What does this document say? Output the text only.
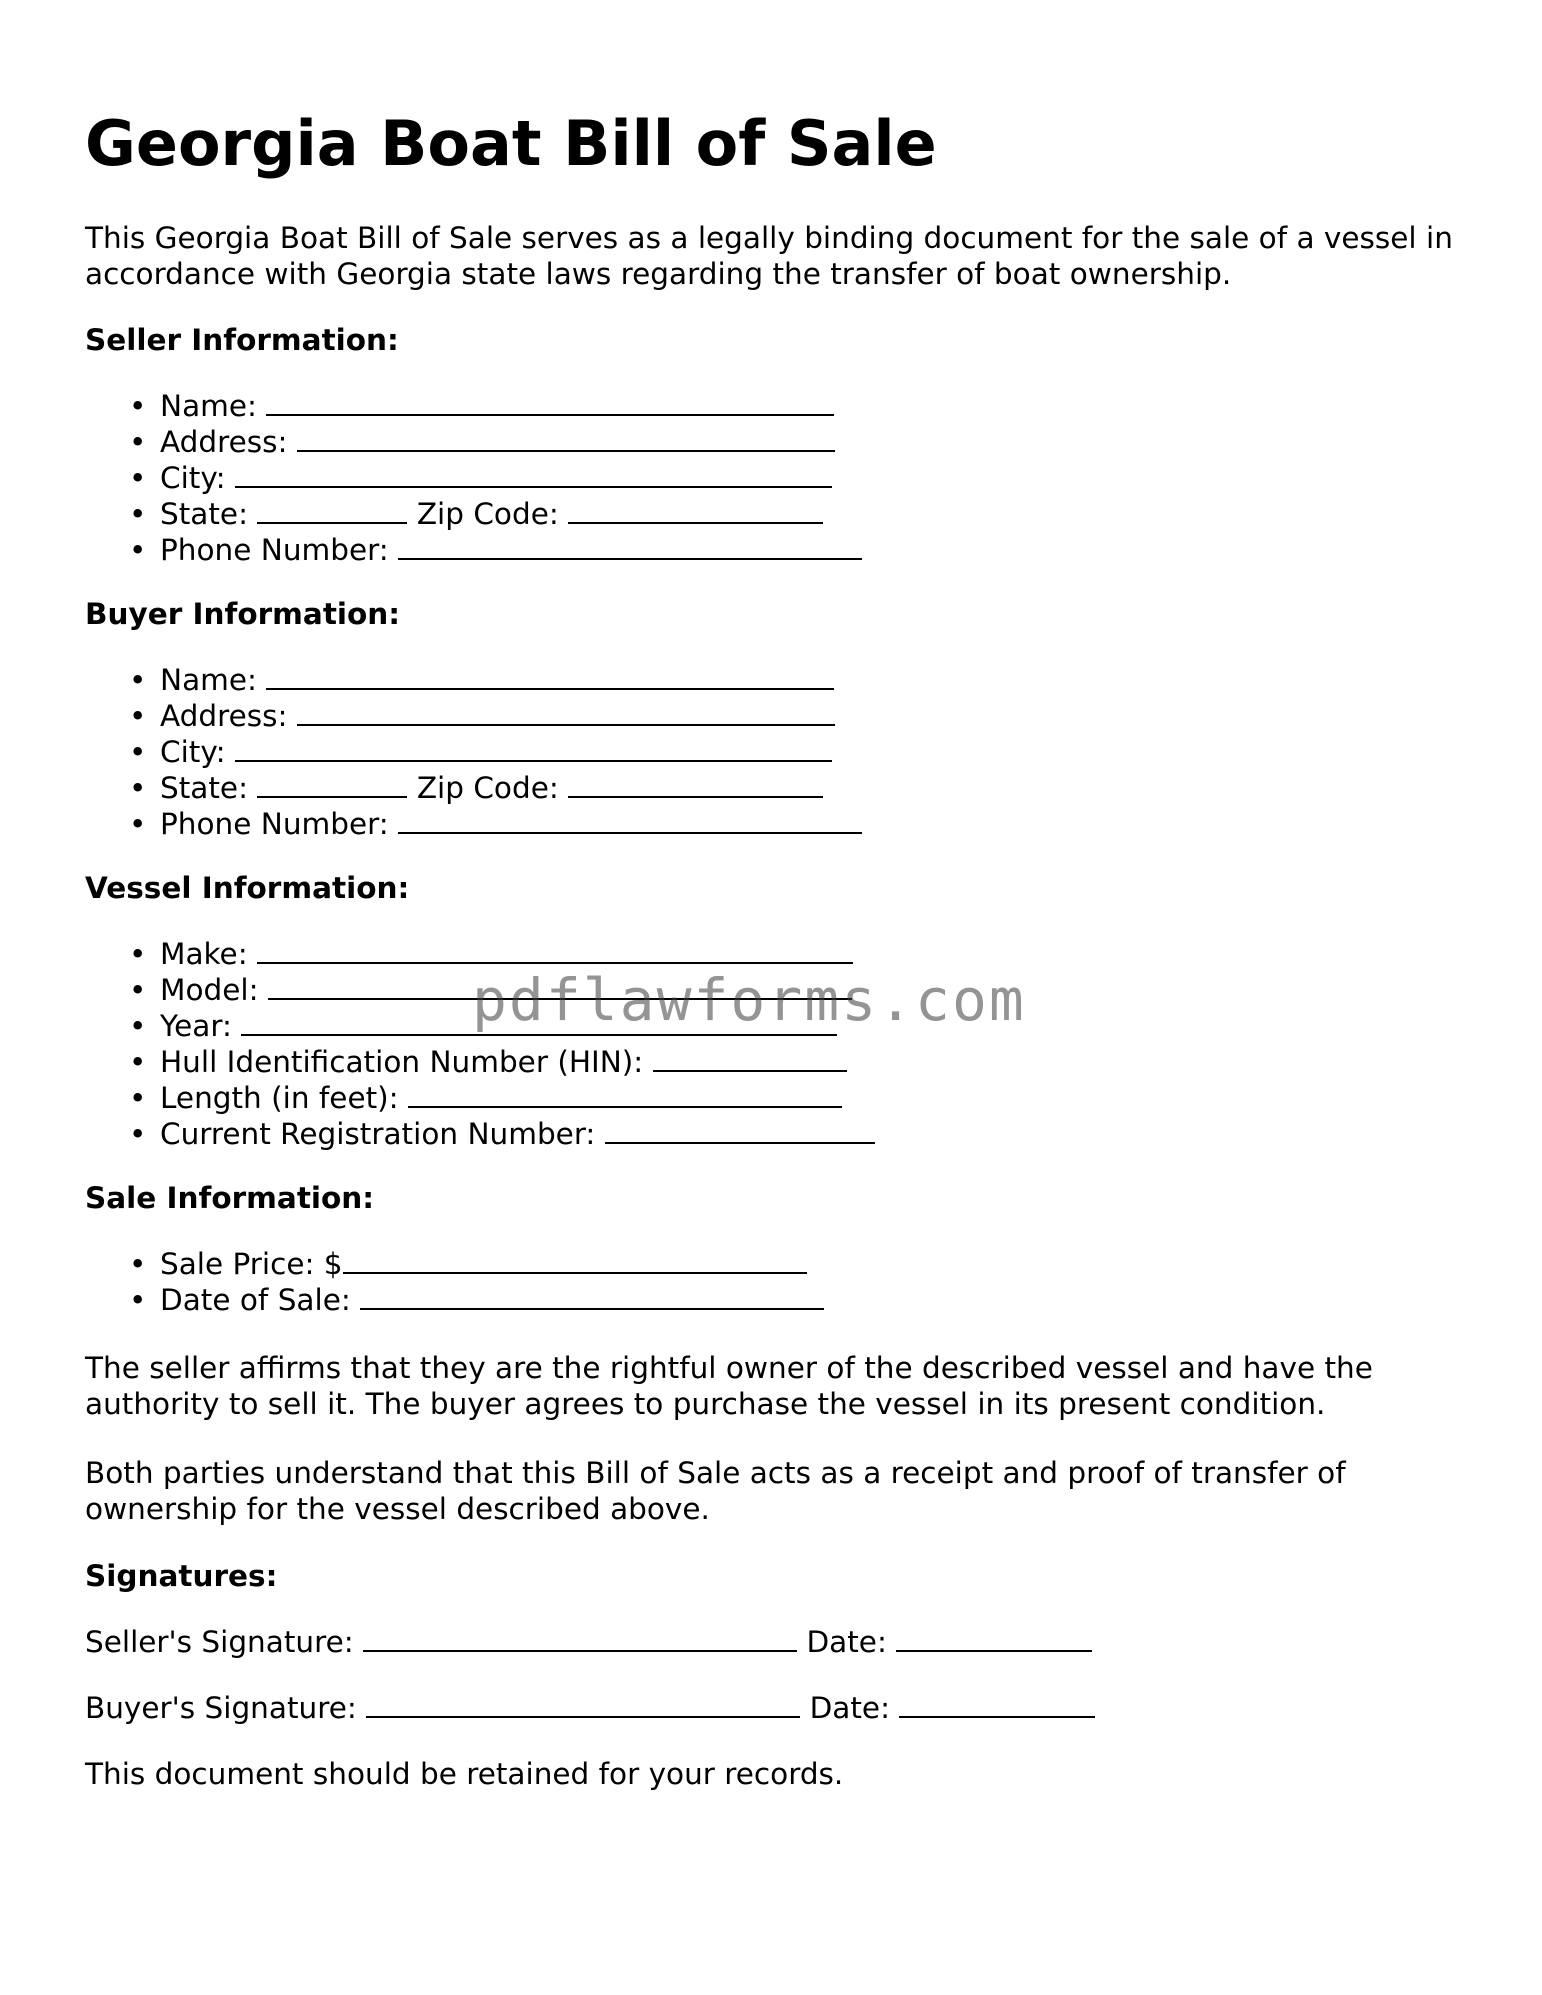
Georgia Boat Bill of Sale

This Georgia Boat Bill of Sale serves as a legally binding document for the sale of a vessel in accordance with Georgia state laws regarding the transfer of boat ownership.

Seller Information:
• Name:
• Address:
• City:
• State:	Zip Code:
• Phone Number:
Buyer Information:
• Name:
• Address:
• City:
• State:	Zip Code:
• Phone Number:
Vessel Information:
• Make:
• Model:
• Year:
• Hull Identification Number (HIN):
• Length (in feet):
• Current Registration Number:
Sale Information:
• Sale Price: $
• Date of Sale:

The seller affirms that they are the rightful owner of the described vessel and have the authority to sell it. The buyer agrees to purchase the vessel in its present condition.

Both parties understand that this Bill of Sale acts as a receipt and proof of transfer of ownership for the vessel described above.

Signatures:
Seller's Signature:	Date:
Buyer's Signature:	Date:

This document should be retained for your records.

pdflawforms.com
